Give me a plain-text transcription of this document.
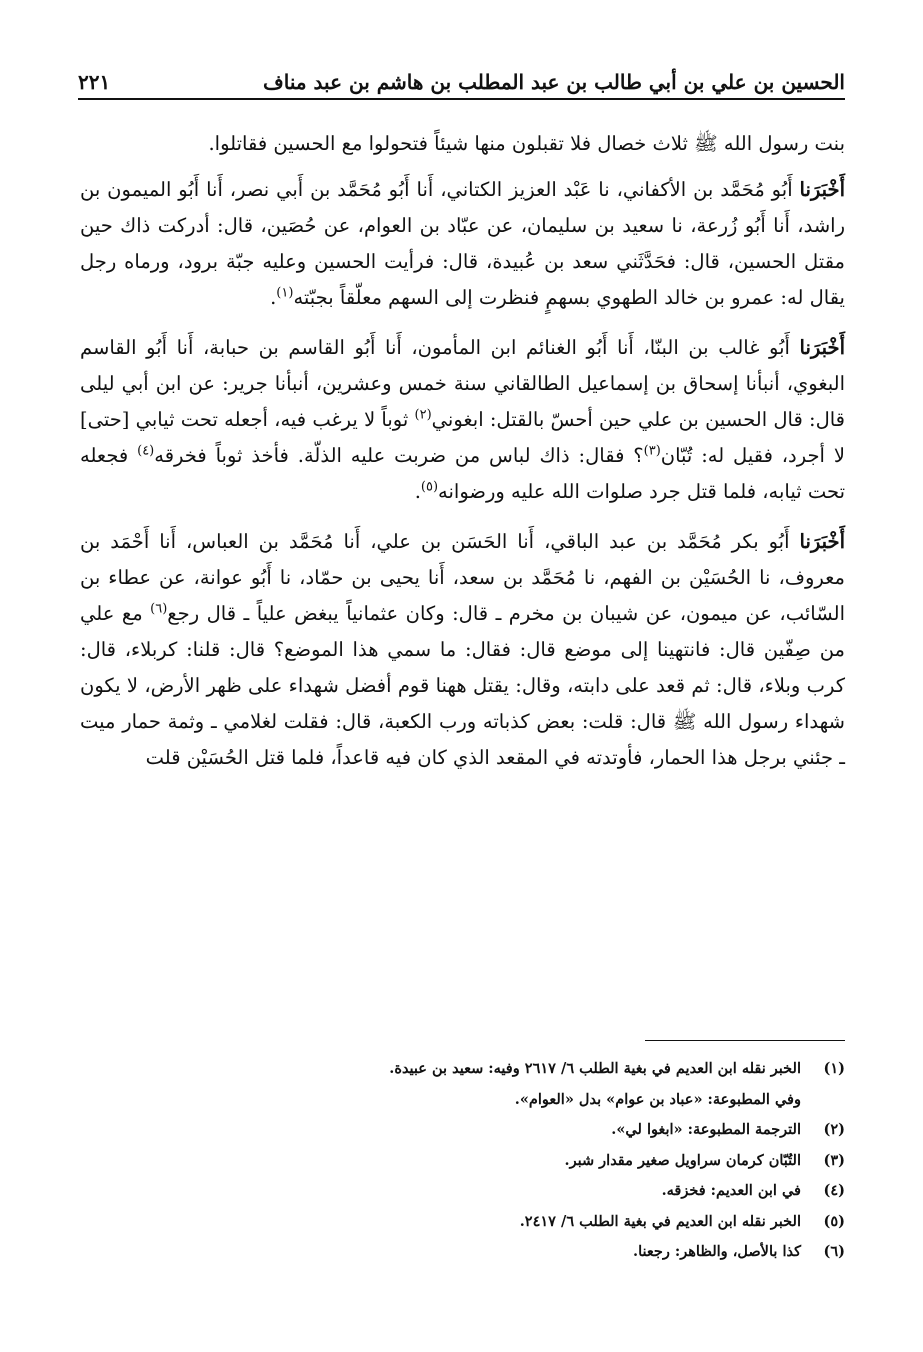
الحسين بن علي بن أبي طالب بن عبد المطلب بن هاشم بن عبد مناف
٢٢١

بنت رسول الله ﷺ ثلاث خصال فلا تقبلون منها شيئاً فتحولوا مع الحسين فقاتلوا.

أَخْبَرَنا أَبُو مُحَمَّد بن الأكفاني، نا عَبْد العزيز الكتاني، أَنا أَبُو مُحَمَّد بن أَبي نصر، أَنا أَبُو الميمون بن راشد، أَنا أَبُو زُرعة، نا سعيد بن سليمان، عن عبّاد بن العوام، عن حُصَين، قال: أدركت ذاك حين مقتل الحسين، قال: فحَدَّثَني سعد بن عُبيدة، قال: فرأيت الحسين وعليه جبّة برود، ورماه رجل يقال له: عمرو بن خالد الطهوي بسهمٍ فنظرت إلى السهم معلّقاً بجبّته$^{(١)}$.

أَخْبَرَنا أَبُو غالب بن البنّا، أَنا أَبُو الغنائم ابن المأمون، أَنا أَبُو القاسم بن حبابة، أَنا أَبُو القاسم البغوي، أنبأنا إسحاق بن إسماعيل الطالقاني سنة خمس وعشرين، أنبأنا جرير: عن ابن أبي ليلى قال: قال الحسين بن علي حين أحسّ بالقتل: ابغوني$^{(٢)}$ ثوباً لا يرغب فيه، أجعله تحت ثيابي [حتى] لا أجرد، فقيل له: تُبّان$^{(٣)}$؟ فقال: ذاك لباس من ضربت عليه الذلّة. فأخذ ثوباً فخرقه$^{(٤)}$ فجعله تحت ثيابه، فلما قتل جرد صلوات الله عليه ورضوانه$^{(٥)}$.

أَخْبَرَنا أَبُو بكر مُحَمَّد بن عبد الباقي، أَنا الحَسَن بن علي، أَنا مُحَمَّد بن العباس، أَنا أَحْمَد بن معروف، نا الحُسَيْن بن الفهم، نا مُحَمَّد بن سعد، أَنا يحيى بن حمّاد، نا أَبُو عوانة، عن عطاء بن السّائب، عن ميمون، عن شيبان بن مخرم ـ قال: وكان عثمانياً يبغض علياً ـ قال رجع$^{(٦)}$ مع علي من صِفّين قال: فانتهينا إلى موضع قال: فقال: ما سمي هذا الموضع؟ قال: قلنا: كربلاء، قال: كرب وبلاء، قال: ثم قعد على دابته، وقال: يقتل ههنا قوم أفضل شهداء على ظهر الأرض، لا يكون شهداء رسول الله ﷺ قال: قلت: بعض كذباته ورب الكعبة، قال: فقلت لغلامي ـ وثمة حمار ميت ـ جئني برجل هذا الحمار، فأوتدته في المقعد الذي كان فيه قاعداً، فلما قتل الحُسَيْن قلت

(١)
الخبر نقله ابن العديم في بغية الطلب ٦/ ٢٦١٧ وفيه: سعيد بن عبيدة.
وفي المطبوعة: «عباد بن عوام» بدل «العوام».
(٢)
الترجمة المطبوعة: «ابغوا لي».
(٣)
التُبّان كرمان سراويل صغير مقدار شبر.
(٤)
في ابن العديم: فخزقه.
(٥)
الخبر نقله ابن العديم في بغية الطلب ٦/ ٢٤١٧.
(٦)
كذا بالأصل، والظاهر: رجعنا.
